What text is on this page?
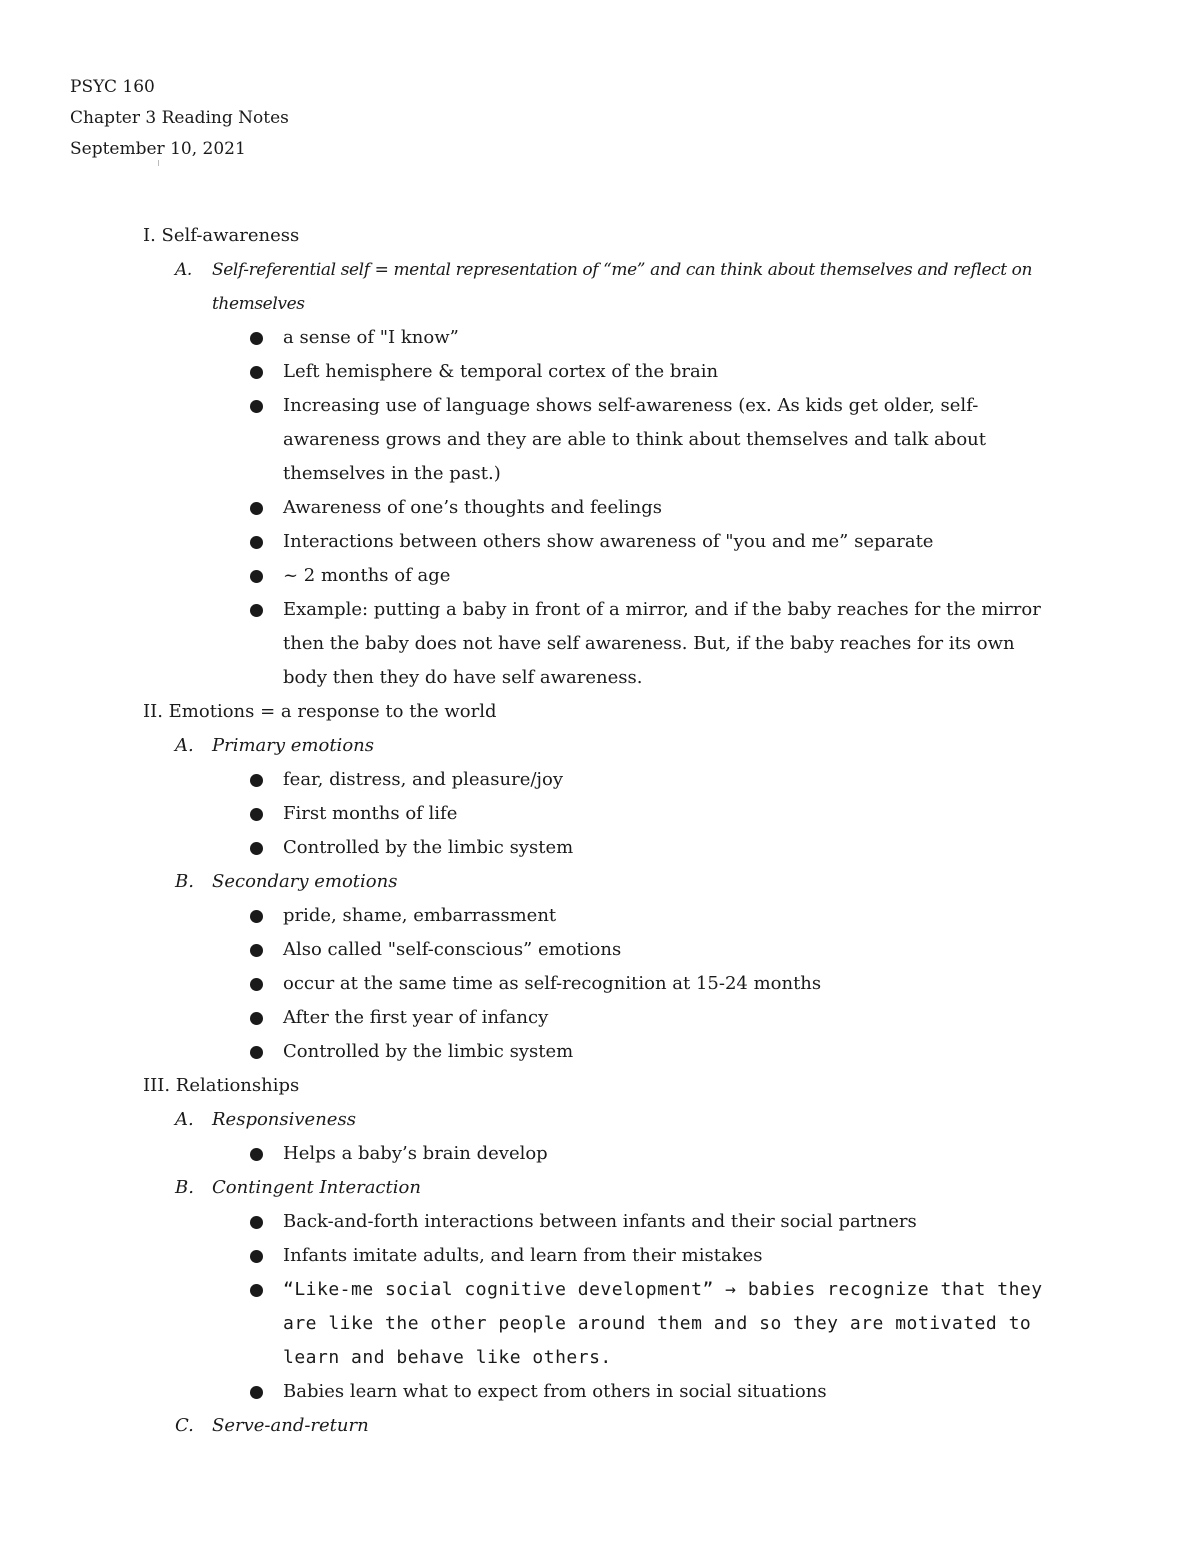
PSYC 160
Chapter 3 Reading Notes
September 10, 2021
I. Self-awareness
A. Self-referential self = mental representation of “me” and can think about themselves and reflect on themselves
a sense of "I know”
Left hemisphere & temporal cortex of the brain
Increasing use of language shows self-awareness (ex. As kids get older, self-awareness grows and they are able to think about themselves and talk about themselves in the past.)
Awareness of one’s thoughts and feelings
Interactions between others show awareness of "you and me” separate
~ 2 months of age
Example: putting a baby in front of a mirror, and if the baby reaches for the mirror then the baby does not have self awareness. But, if the baby reaches for its own body then they do have self awareness.
II. Emotions = a response to the world
A. Primary emotions
fear, distress, and pleasure/joy
First months of life
Controlled by the limbic system
B. Secondary emotions
pride, shame, embarrassment
Also called "self-conscious” emotions
occur at the same time as self-recognition at 15-24 months
After the first year of infancy
Controlled by the limbic system
III. Relationships
A. Responsiveness
Helps a baby’s brain develop
B. Contingent Interaction
Back-and-forth interactions between infants and their social partners
Infants imitate adults, and learn from their mistakes
“Like-me social cognitive development” → babies recognize that they are like the other people around them and so they are motivated to learn and behave like others.
Babies learn what to expect from others in social situations
C. Serve-and-return
